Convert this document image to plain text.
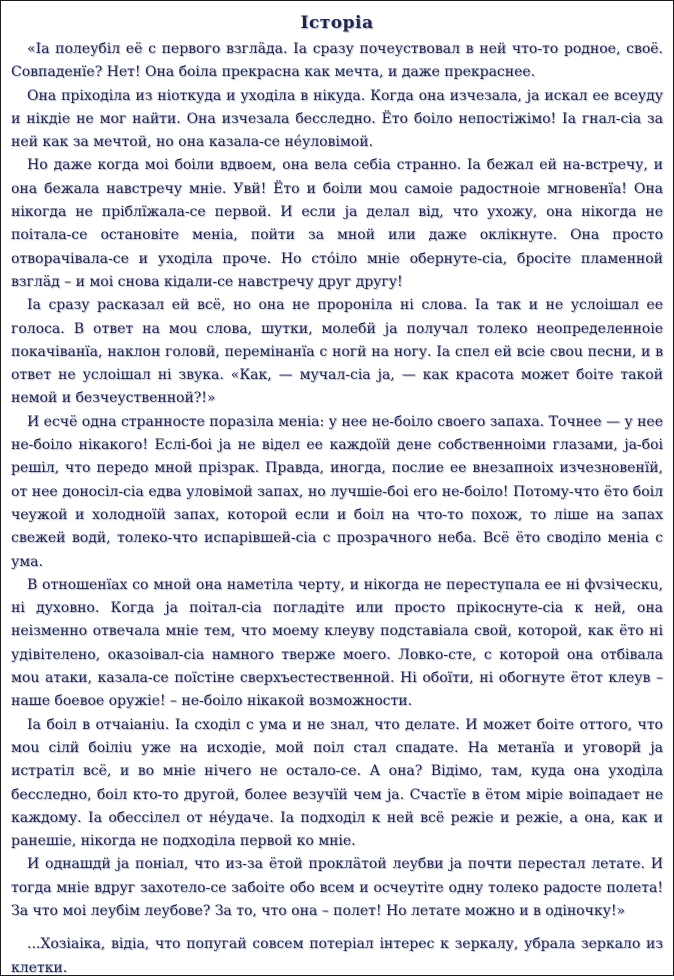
Історіа

«Іа полеубіл её с первого взглäда. Іа сразу почеуствовал в неӥ что-то родное, своё. Совпаденїе? Нет! Она боіла прекрасна как мечта, и даже прекраснее.

Она пріходіла из ніоткуда и уходіла в нікуда. Когда она изчезала, ја искал ее всеуду и нікдіе не мог наӥти. Она изчезала бесследно. Ёто боіло непостіжімо! Іа гнал-сіа за неӥ как за мечтоӥ, но она казала-се нéуловімоӥ.

Но даже когда моі боіли вдвоем, она вела себіа странно. Іа бежал еӥ на-встречу, и она бежала навстречу мніе. Увӥ! Ёто и боіли моu самоіе радостноіе мгновенїа! Она нікогда не пріблïжала-се первоӥ. И если ја делал від, что ухожу, она нікогда не поітала-се остановіте меніа, поӥти за мноӥ или даже оклікнуте. Она просто отворачівала-се и уходіла проче. Но стóіло мніе обернуте-сіа, бросіте пламенноӥ взглäд – и моі снова кідали-се навстречу друг другу!

Іа сразу расказал еӥ всё, но она не пророніла ні слова. Іа так и не услоішал ее голоса. В ответ на моu слова, шутки, молебӥ ја получал толеко неопределенноіе покачіванїа, наклон головӥ, перемінанїа с ногӥ на ногу. Іа спел еӥ всіе своu песни, и в ответ не услоішал ні звука. «Как, — мучал-сіа ја, — как красота может боіте такоӥ немоӥ и безчеуственноӥ?!»

И есчё одна странносте поразіла меніа: у нее не-боіло своего запаха. Точнее — у нее не-боіло нікакого! Еслі-боі ја не відел ее каждоїӥ дене собственноіми глазами, ја-боі решіл, что передо мноӥ прізрак. Правда, иногда, послие ее внезапноіх изчезновенїӥ, от нее доносіл-сіа едва уловімоӥ запах, но лучшіе-боі его не-боіло! Потому-что ёто боіл чеужоӥ и холодноїӥ запах, котороӥ если и боіл на что-то похож, то ліше на запах свежеӥ водӥ, толеко-что испарівшеӥ-сіа с прозрачного неба. Всё ёто своділо меніа с ума.

В отношенïах со мноӥ она наметіла черту, и нікогда не переступала ее ні фvзіческu, ні духовно. Когда ја поітал-сіа погладіте или просто прікоснуте-сіа к неӥ, она неізменно отвечала мніе тем, что моему клеуву подставіала своӥ, котороӥ, как ёто ні удівітелено, оказоівал-сіа намного тверже моего. Ловко-сте, с котороӥ она отбівала моu атаки, казала-се поїстіне сверхъестественноӥ. Ні обоїти, ні обогнуте ётот клеув – наше боевое оружіе! – не-боіло нікакоӥ возможности.

Іа боіл в отчаіаніu. Іа сходіл с ума и не знал, что делате. И может боіте оттого, что моu сілӥ боіліu уже на исходіе, моӥ поіл стал спадате. На метанїа и уговорӥ ја истратіл всё, и во мніе нічего не остало-се. А она? Відімо, там, куда она уходіла бесследно, боіл кто-то другоӥ, более везучїӥ чем ја. Счастïе в ётом міріе воіпадает не каждому. Іа обессілел от нéудаче. Іа подходіл к неӥ всё режіе и режіе, а она, как и ранешіе, нікогда не подходіла первоӥ ко мніе.

И однашдӥ ја поніал, что из-за ётоӥ проклäтоӥ леубви ја почти перестал летате. И тогда мніе вдруг захотело-се забоіте обо всем и осчеутіте одну толеко радосте полета! За что моі леубім леубове? За то, что она – полет! Но летате можно и в одіночку!»

...Хозіаіка, відіа, что попугаӥ совсем потеріал інтерес к зеркалу, убрала зеркало из клетки.
